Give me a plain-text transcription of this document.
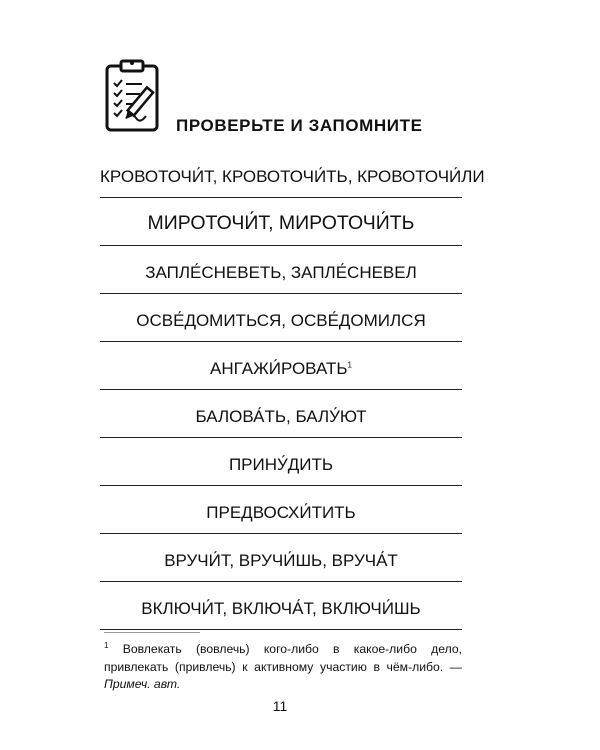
ПРОВЕРЬТЕ И ЗАПОМНИТЕ
КРОВОТОЧИ́Т, КРОВОТОЧИ́ТЬ, КРОВОТОЧИ́ЛИ
МИРОТОЧИ́Т, МИРОТОЧИ́ТЬ
ЗАПЛЕ́СНЕВЕТЬ, ЗАПЛЕ́СНЕВЕЛ
ОСВЕ́ДОМИТЬСЯ, ОСВЕ́ДОМИЛСЯ
АНГАЖИ́РОВАТЬ$^1$
БАЛОВА́ТЬ, БАЛУ́ЮТ
ПРИНУ́ДИТЬ
ПРЕДВОСХИ́ТИТЬ
ВРУЧИ́Т, ВРУЧИ́ШЬ, ВРУЧА́Т
ВКЛЮЧИ́Т, ВКЛЮЧА́Т, ВКЛЮЧИ́ШЬ
$^1$ Вовлекать (вовлечь) кого-либо в какое-либо дело, привлекать (привлечь) к активному участию в чём-либо. — Примеч. авт.
11
